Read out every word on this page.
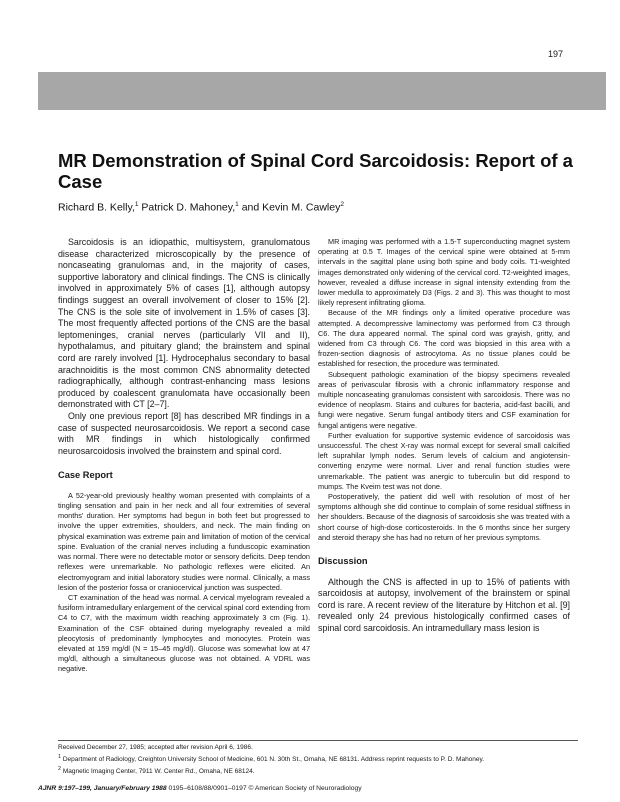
197
MR Demonstration of Spinal Cord Sarcoidosis: Report of a Case
Richard B. Kelly,$^1$ Patrick D. Mahoney,$^1$ and Kevin M. Cawley$^2$

Sarcoidosis is an idiopathic, multisystem, granulomatous disease characterized microscopically by the presence of noncaseating granulomas and, in the majority of cases, supportive laboratory and clinical findings. The CNS is clinically involved in approximately 5% of cases [1], although autopsy findings suggest an overall involvement of closer to 15% [2]. The CNS is the sole site of involvement in 1.5% of cases [3]. The most frequently affected portions of the CNS are the basal leptomeninges, cranial nerves (particularly VII and II), hypothalamus, and pituitary gland; the brainstem and spinal cord are rarely involved [1]. Hydrocephalus secondary to basal arachnoiditis is the most common CNS abnormality detected radiographically, although contrast-enhancing mass lesions produced by coalescent granulomata have occasionally been demonstrated with CT [2–7].

Only one previous report [8] has described MR findings in a case of suspected neurosarcoidosis. We report a second case with MR findings in which histologically confirmed neurosarcoidosis involved the brainstem and spinal cord.

Case Report

A 52-year-old previously healthy woman presented with complaints of a tingling sensation and pain in her neck and all four extremities of several months' duration. Her symptoms had begun in both feet but progressed to involve the upper extremities, shoulders, and neck. The main finding on physical examination was extreme pain and limitation of motion of the cervical spine. Evaluation of the cranial nerves including a funduscopic examination was normal. There were no detectable motor or sensory deficits. Deep tendon reflexes were unremarkable. No pathologic reflexes were elicited. An electromyogram and initial laboratory studies were normal. Clinically, a mass lesion of the posterior fossa or craniocervical junction was suspected.

CT examination of the head was normal. A cervical myelogram revealed a fusiform intramedullary enlargement of the cervical spinal cord extending from C4 to C7, with the maximum width reaching approximately 3 cm (Fig. 1). Examination of the CSF obtained during myelography revealed a mild pleocytosis of predominantly lymphocytes and monocytes. Protein was elevated at 159 mg/dl (N = 15–45 mg/dl). Glucose was somewhat low at 47 mg/dl, although a simultaneous glucose was not obtained. A VDRL was negative.

MR imaging was performed with a 1.5-T superconducting magnet system operating at 0.5 T. Images of the cervical spine were obtained at 5-mm intervals in the sagittal plane using both spine and body coils. T1-weighted images demonstrated only widening of the cervical cord. T2-weighted images, however, revealed a diffuse increase in signal intensity extending from the lower medulla to approximately D3 (Figs. 2 and 3). This was thought to most likely represent infiltrating glioma.

Because of the MR findings only a limited operative procedure was attempted. A decompressive laminectomy was performed from C3 through C6. The dura appeared normal. The spinal cord was grayish, gritty, and widened from C3 through C6. The cord was biopsied in this area with a frozen-section diagnosis of astrocytoma. As no tissue planes could be established for resection, the procedure was terminated.

Subsequent pathologic examination of the biopsy specimens revealed areas of perivascular fibrosis with a chronic inflammatory response and multiple noncaseating granulomas consistent with sarcoidosis. There was no evidence of neoplasm. Stains and cultures for bacteria, acid-fast bacilli, and fungi were negative. Serum fungal antibody titers and CSF examination for fungal antigens were negative.

Further evaluation for supportive systemic evidence of sarcoidosis was unsuccessful. The chest X-ray was normal except for several small calcified left suprahilar lymph nodes. Serum levels of calcium and angiotensin-converting enzyme were normal. Liver and renal function studies were unremarkable. The patient was anergic to tuberculin but did respond to mumps. The Kveim test was not done.

Postoperatively, the patient did well with resolution of most of her symptoms although she did continue to complain of some residual stiffness in her shoulders. Because of the diagnosis of sarcoidosis she was treated with a short course of high-dose corticosteroids. In the 6 months since her surgery and steroid therapy she has had no return of her previous symptoms.

Discussion

Although the CNS is affected in up to 15% of patients with sarcoidosis at autopsy, involvement of the brainstem or spinal cord is rare. A recent review of the literature by Hitchon et al. [9] revealed only 24 previous histologically confirmed cases of spinal cord sarcoidosis. An intramedullary mass lesion is

Received December 27, 1985; accepted after revision April 6, 1986.
$^1$ Department of Radiology, Creighton University School of Medicine, 601 N. 30th St., Omaha, NE 68131. Address reprint requests to P. D. Mahoney.
$^2$ Magnetic Imaging Center, 7911 W. Center Rd., Omaha, NE 68124.
AJNR 9:197–199, January/February 1988 0195–6108/88/0901–0197 © American Society of Neuroradiology
